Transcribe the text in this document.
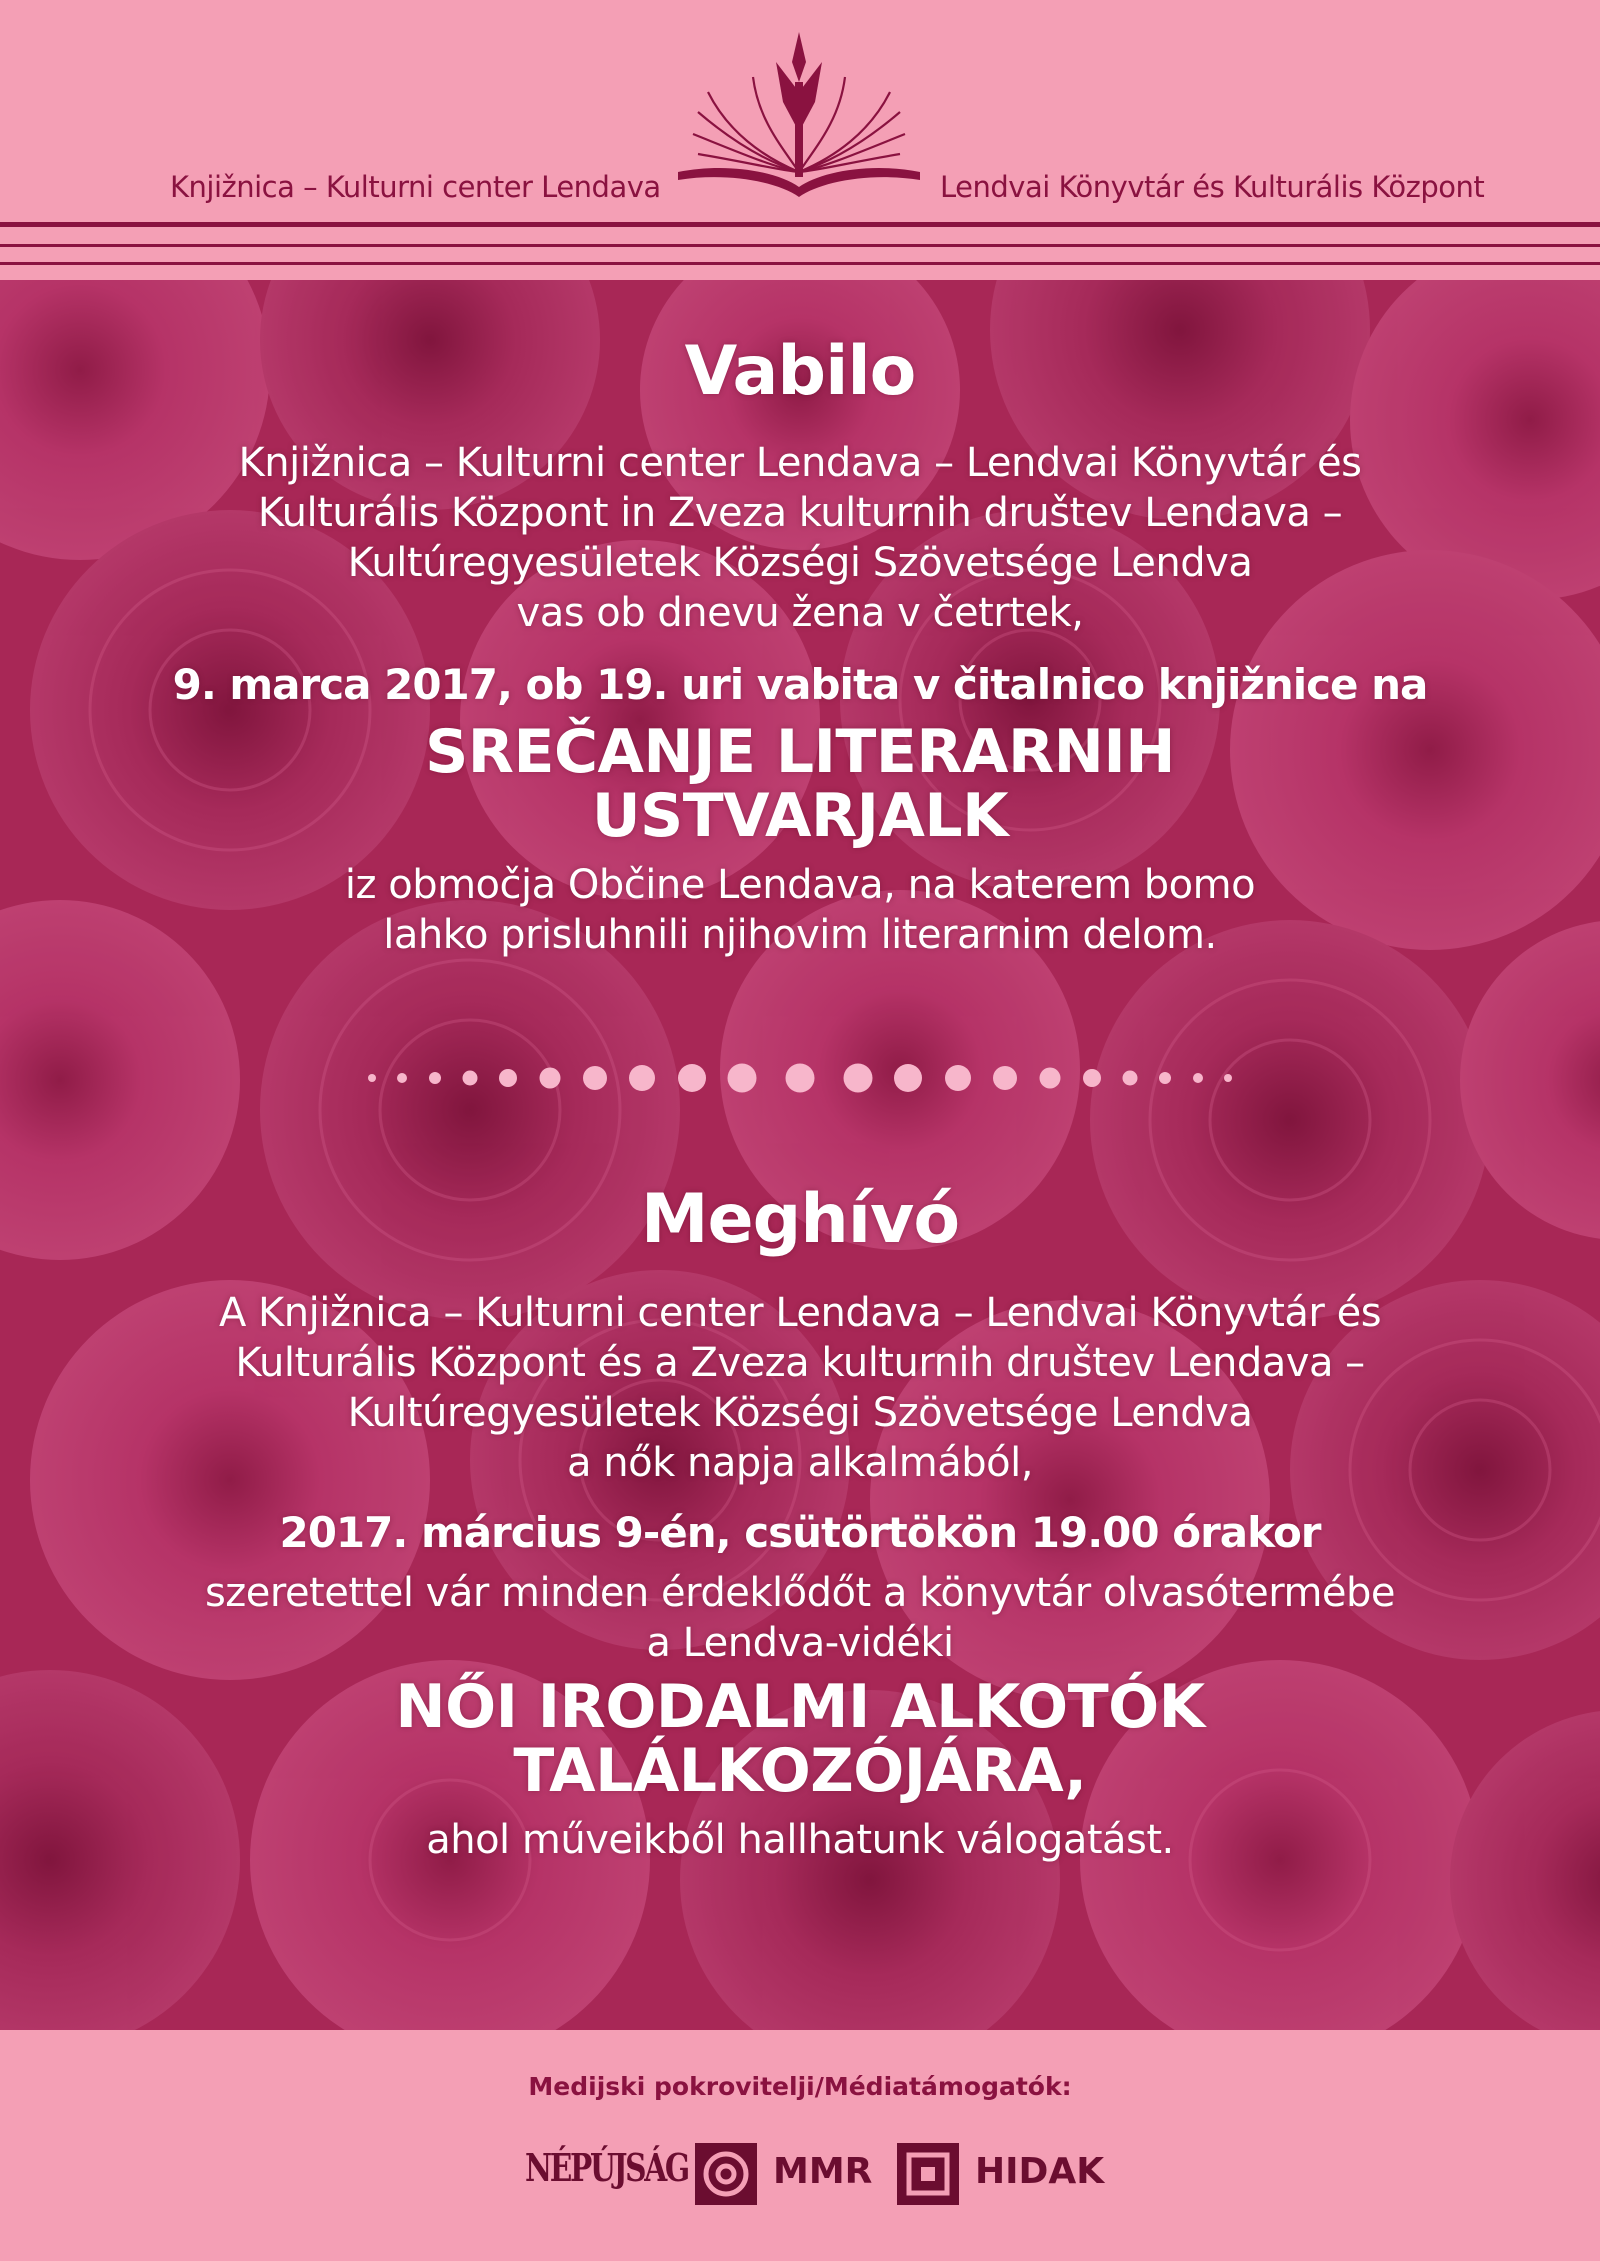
Knjižnica – Kulturni center Lendava	Lendvai Könyvtár és Kulturális Központ
Vabilo
Knjižnica – Kulturni center Lendava – Lendvai Könyvtár és
Kulturális Központ in Zveza kulturnih društev Lendava –
Kultúregyesületek Községi Szövetsége Lendva
vas ob dnevu žena v četrtek,
9. marca 2017, ob 19. uri vabita v čitalnico knjižnice na
SREČANJE LITERARNIH
USTVARJALK
iz območja Občine Lendava, na katerem bomo
lahko prisluhnili njihovim literarnim delom.
Meghívó
A Knjižnica – Kulturni center Lendava – Lendvai Könyvtár és
Kulturális Központ és a Zveza kulturnih društev Lendava –
Kultúregyesületek Községi Szövetsége Lendva
a nők napja alkalmából,
2017. március 9-én, csütörtökön 19.00 órakor
szeretettel vár minden érdeklődőt a könyvtár olvasótermébe
a Lendva-vidéki
NŐI IRODALMI ALKOTÓK
TALÁLKOZÓJÁRA,
ahol műveikből hallhatunk válogatást.
Medijski pokrovitelji/Médiatámogatók:
NÉPÚJSÁG MMR	HIDAK
